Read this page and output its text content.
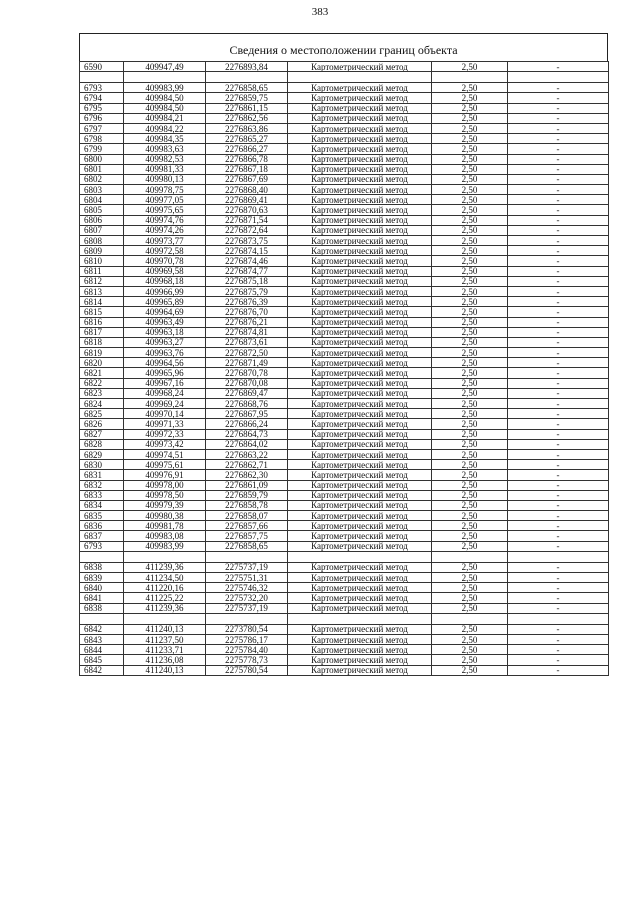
383
Сведения о местоположении границ объекта
6590	409947,49	2276893,84	Картометрический метод	2,50	-

6793	409983,99	2276858,65	Картометрический метод	2,50	-
6794	409984,50	2276859,75	Картометрический метод	2,50	-
6795	409984,50	2276861,15	Картометрический метод	2,50	-
6796	409984,21	2276862,56	Картометрический метод	2,50	-
6797	409984,22	2276863,86	Картометрический метод	2,50	-
6798	409984,35	2276865,27	Картометрический метод	2,50	-
6799	409983,63	2276866,27	Картометрический метод	2,50	-
6800	409982,53	2276866,78	Картометрический метод	2,50	-
6801	409981,33	2276867,18	Картометрический метод	2,50	-
6802	409980,13	2276867,69	Картометрический метод	2,50	-
6803	409978,75	2276868,40	Картометрический метод	2,50	-
6804	409977,05	2276869,41	Картометрический метод	2,50	-
6805	409975,65	2276870,63	Картометрический метод	2,50	-
6806	409974,76	2276871,54	Картометрический метод	2,50	-
6807	409974,26	2276872,64	Картометрический метод	2,50	-
6808	409973,77	2276873,75	Картометрический метод	2,50	-
6809	409972,58	2276874,15	Картометрический метод	2,50	-
6810	409970,78	2276874,46	Картометрический метод	2,50	-
6811	409969,58	2276874,77	Картометрический метод	2,50	-
6812	409968,18	2276875,18	Картометрический метод	2,50	-
6813	409966,99	2276875,79	Картометрический метод	2,50	-
6814	409965,89	2276876,39	Картометрический метод	2,50	-
6815	409964,69	2276876,70	Картометрический метод	2,50	-
6816	409963,49	2276876,21	Картометрический метод	2,50	-
6817	409963,18	2276874,81	Картометрический метод	2,50	-
6818	409963,27	2276873,61	Картометрический метод	2,50	-
6819	409963,76	2276872,50	Картометрический метод	2,50	-
6820	409964,56	2276871,49	Картометрический метод	2,50	-
6821	409965,96	2276870,78	Картометрический метод	2,50	-
6822	409967,16	2276870,08	Картометрический метод	2,50	-
6823	409968,24	2276869,47	Картометрический метод	2,50	-
6824	409969,24	2276868,76	Картометрический метод	2,50	-
6825	409970,14	2276867,95	Картометрический метод	2,50	-
6826	409971,33	2276866,24	Картометрический метод	2,50	-
6827	409972,33	2276864,73	Картометрический метод	2,50	-
6828	409973,42	2276864,02	Картометрический метод	2,50	-
6829	409974,51	2276863,22	Картометрический метод	2,50	-
6830	409975,61	2276862,71	Картометрический метод	2,50	-
6831	409976,91	2276862,30	Картометрический метод	2,50	-
6832	409978,00	2276861,09	Картометрический метод	2,50	-
6833	409978,50	2276859,79	Картометрический метод	2,50	-
6834	409979,39	2276858,78	Картометрический метод	2,50	-
6835	409980,38	2276858,07	Картометрический метод	2,50	-
6836	409981,78	2276857,66	Картометрический метод	2,50	-
6837	409983,08	2276857,75	Картометрический метод	2,50	-
6793	409983,99	2276858,65	Картометрический метод	2,50	-

6838	411239,36	2275737,19	Картометрический метод	2,50	-
6839	411234,50	2275751,31	Картометрический метод	2,50	-
6840	411220,16	2275746,32	Картометрический метод	2,50	-
6841	411225,22	2275732,20	Картометрический метод	2,50	-
6838	411239,36	2275737,19	Картометрический метод	2,50	-

6842	411240,13	2273780,54	Картометрический метод	2,50	-
6843	411237,50	2275786,17	Картометрический метод	2,50	-
6844	411233,71	2275784,40	Картометрический метод	2,50	-
6845	411236,08	2275778,73	Картометрический метод	2,50	-
6842	411240,13	2275780,54	Картометрический метод	2,50	-
